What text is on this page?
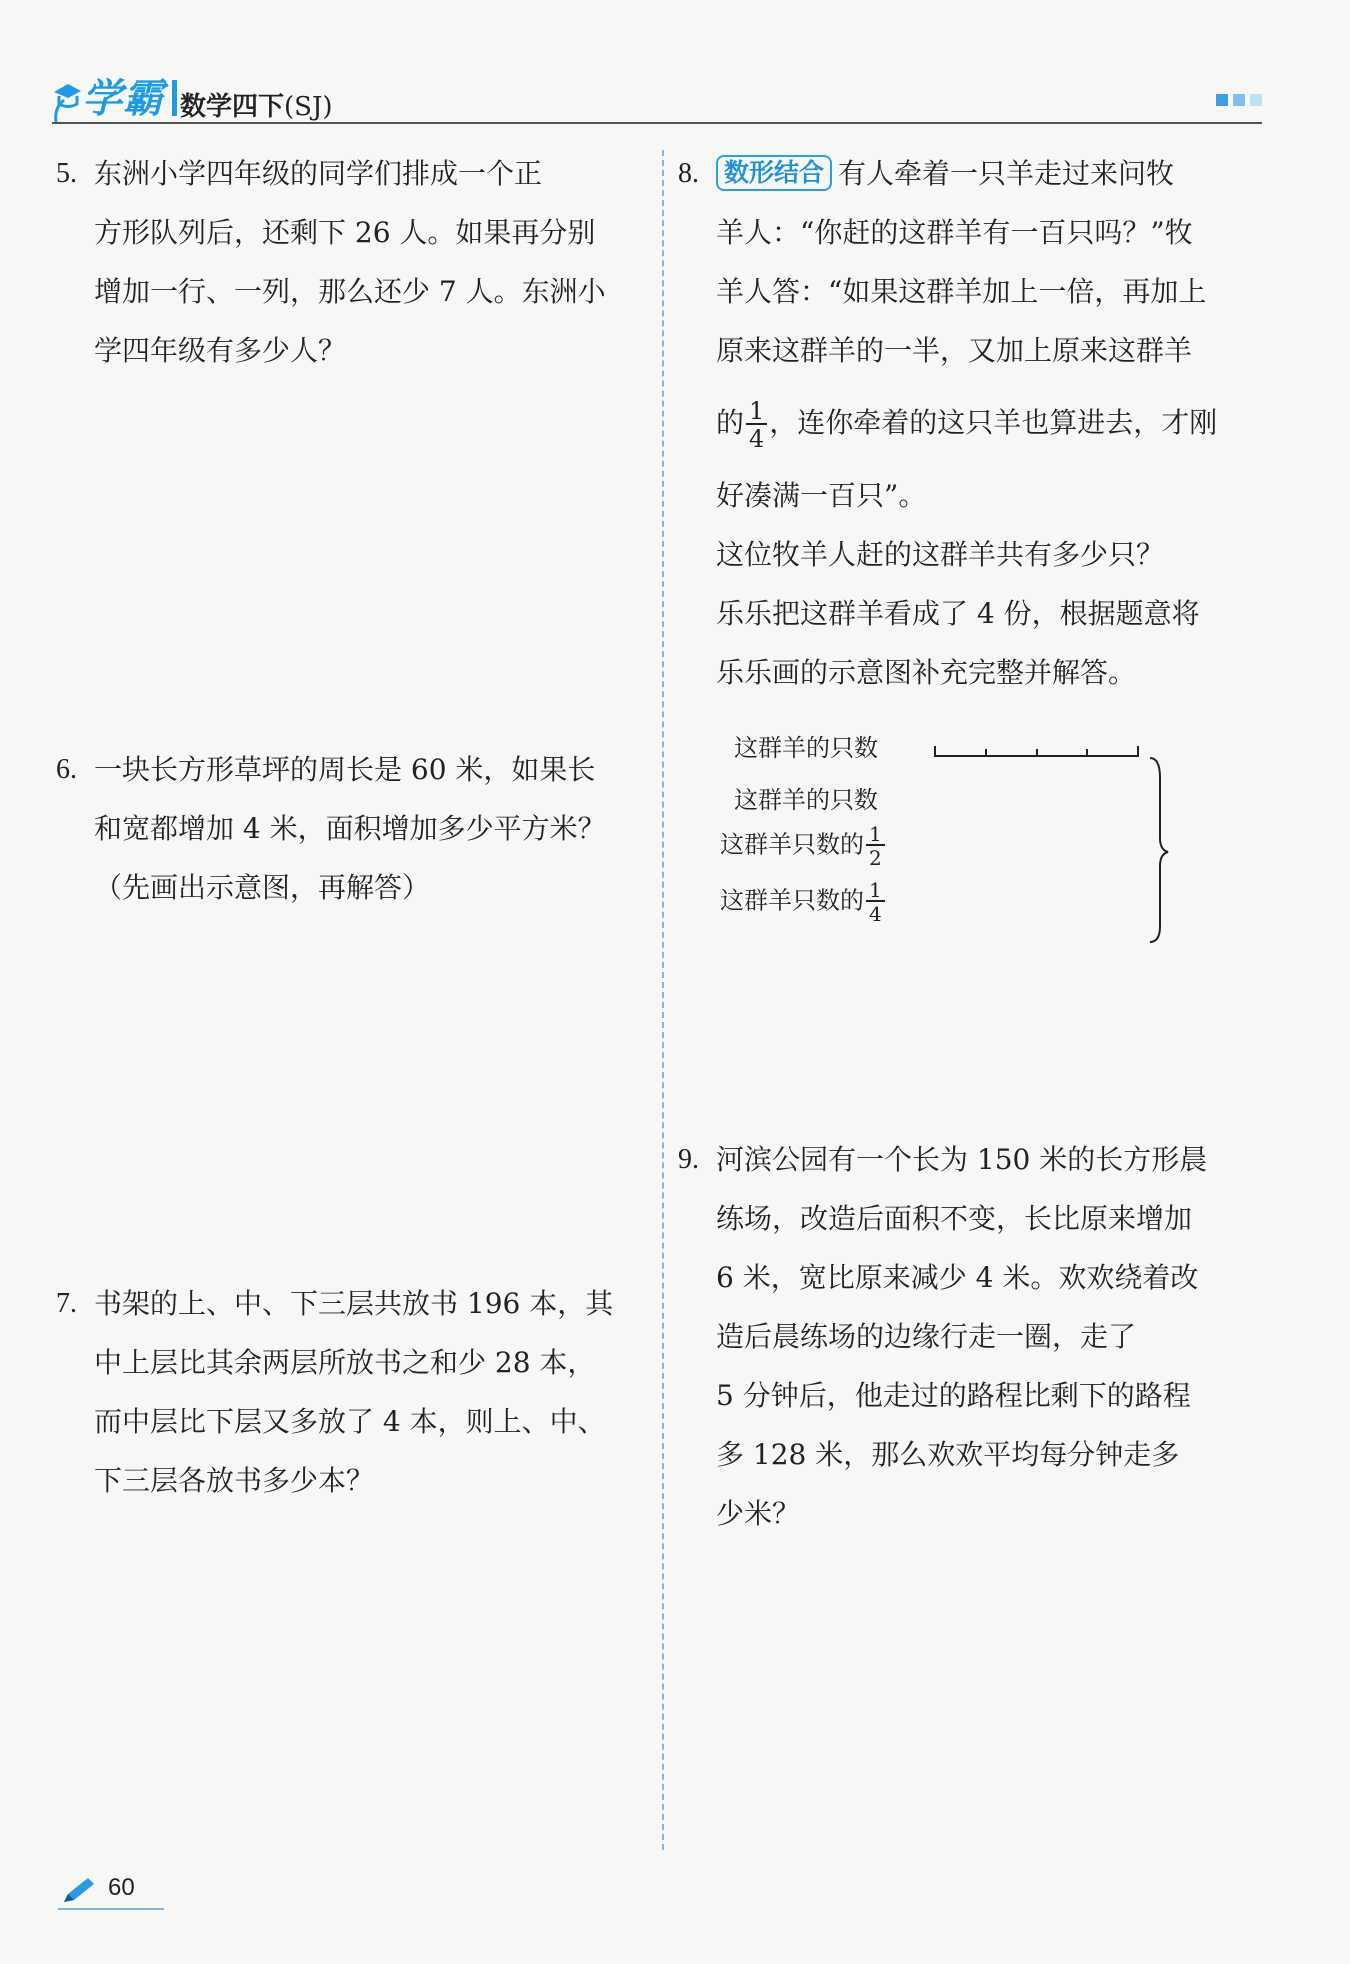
学霸 数学四下(SJ)
5. 东洲小学四年级的同学们排成一个正

方形队列后，还剩下 26 人。如果再分别

增加一行、一列，那么还少 7 人。东洲小

学四年级有多少人？

6. 一块长方形草坪的周长是 60 米，如果长

和宽都增加 4 米，面积增加多少平方米？

（先画出示意图，再解答）

7. 书架的上、中、下三层共放书 196 本，其

中上层比其余两层所放书之和少 28 本，

而中层比下层又多放了 4 本，则上、中、

下三层各放书多少本？

8.	数形结合 有人牵着一只羊走过来问牧

羊人：“你赶的这群羊有一百只吗？”牧

羊人答：“如果这群羊加上一倍，再加上

原来这群羊的一半，又加上原来这群羊

的 $\frac{1}{4}$ ，连你牵着的这只羊也算进去，才刚

好凑满一百只”。

这位牧羊人赶的这群羊共有多少只？

乐乐把这群羊看成了 4 份，根据题意将

乐乐画的示意图补充完整并解答。

这群羊的只数
这群羊的只数
这群羊只数的 $\frac{1}{2}$
这群羊只数的 $\frac{1}{4}$
9. 河滨公园有一个长为 150 米的长方形晨

练场，改造后面积不变，长比原来增加

6 米，宽比原来减少 4 米。欢欢绕着改

造后晨练场的边缘行走一圈，走了

5 分钟后，他走过的路程比剩下的路程

多 128 米，那么欢欢平均每分钟走多

少米？

60
